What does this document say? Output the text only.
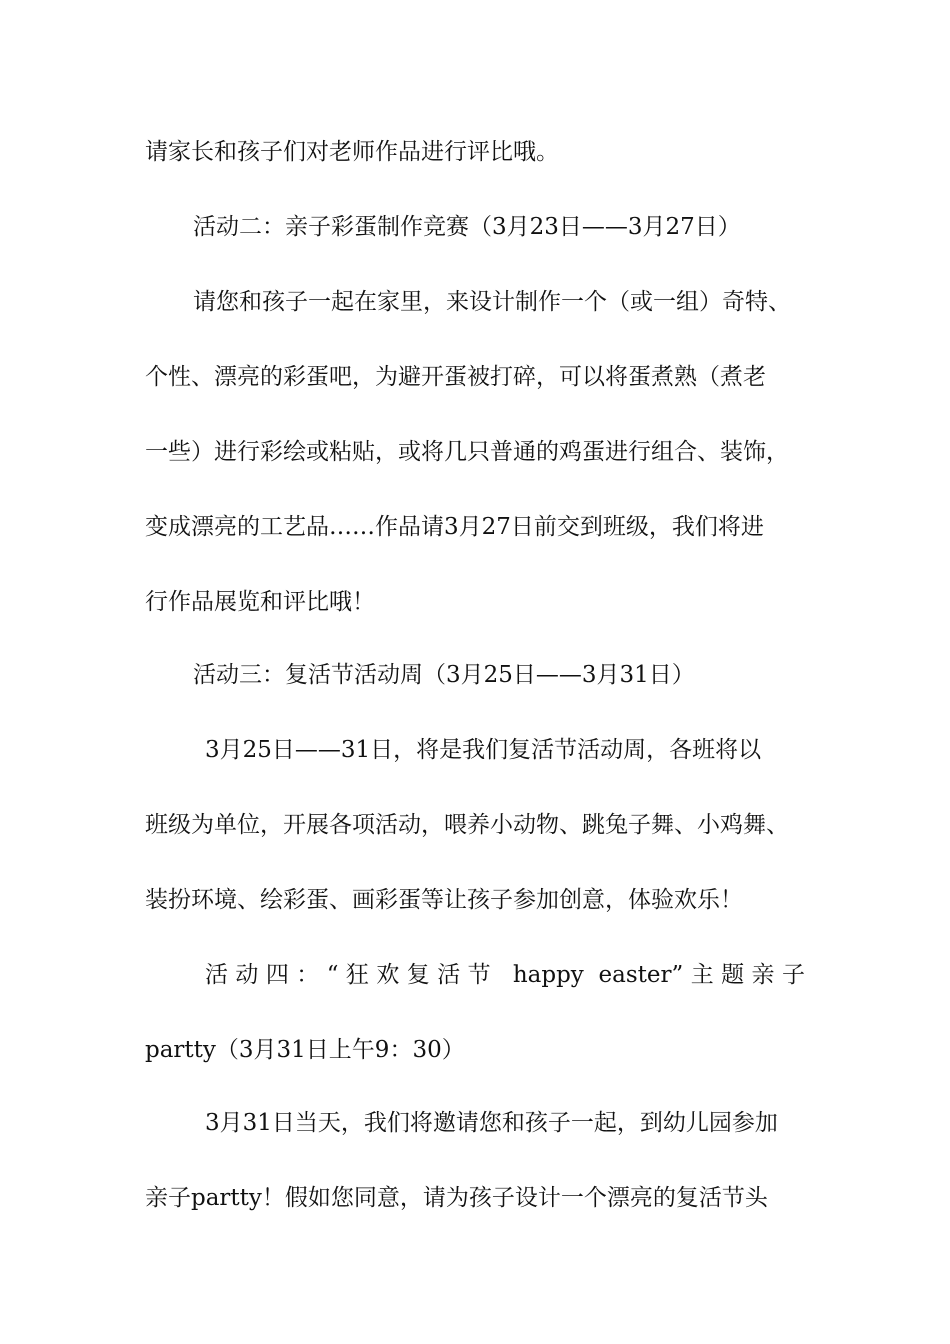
请家长和孩子们对老师作品进行评比哦。
活动二：亲子彩蛋制作竞赛（3月23日——3月27日）
请您和孩子一起在家里，来设计制作一个（或一组）奇特、
个性、漂亮的彩蛋吧，为避开蛋被打碎，可以将蛋煮熟（煮老
一些）进行彩绘或粘贴，或将几只普通的鸡蛋进行组合、装饰，
变成漂亮的工艺品……作品请3月27日前交到班级，我们将进
行作品展览和评比哦！
活动三：复活节活动周（3月25日——3月31日）
3月25日——31日，将是我们复活节活动周，各班将以
班级为单位，开展各项活动，喂养小动物、跳兔子舞、小鸡舞、
装扮环境、绘彩蛋、画彩蛋等让孩子参加创意，体验欢乐！
活动四：“狂欢复活节 happy easter”主题亲子
partty（3月31日上午9：30）
3月31日当天，我们将邀请您和孩子一起，到幼儿园参加
亲子partty！假如您同意，请为孩子设计一个漂亮的复活节头
